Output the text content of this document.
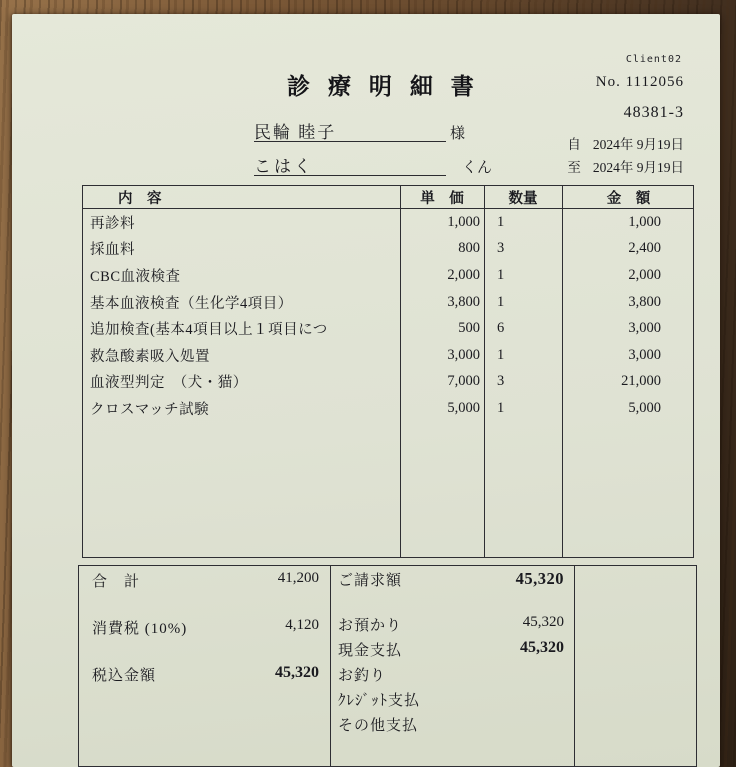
Client02
診療明細書	No. 1112056
48381-3
民輪 睦子	様
自 2024年 9月19日
こはく	くん	至 2024年 9月19日
内　容	単　価	数量	金　額
再診料	1,000	1	1,000
採血料	800	3	2,400
CBC血液検査	2,000	1	2,000
基本血液検査（生化学4項目）	3,800	1	3,800
追加検査(基本4項目以上１項目につ	500	6	3,000
救急酸素吸入処置	3,000	1	3,000
血液型判定　（犬・猫）	7,000	3	21,000
クロスマッチ試験	5,000	1	5,000
合　計	41,200
消費税 (10%)	4,120
税込金額	45,320
ご請求額	45,320
お預かり	45,320
現金支払	45,320
お釣り
ｸﾚｼﾞｯﾄ支払
その他支払
